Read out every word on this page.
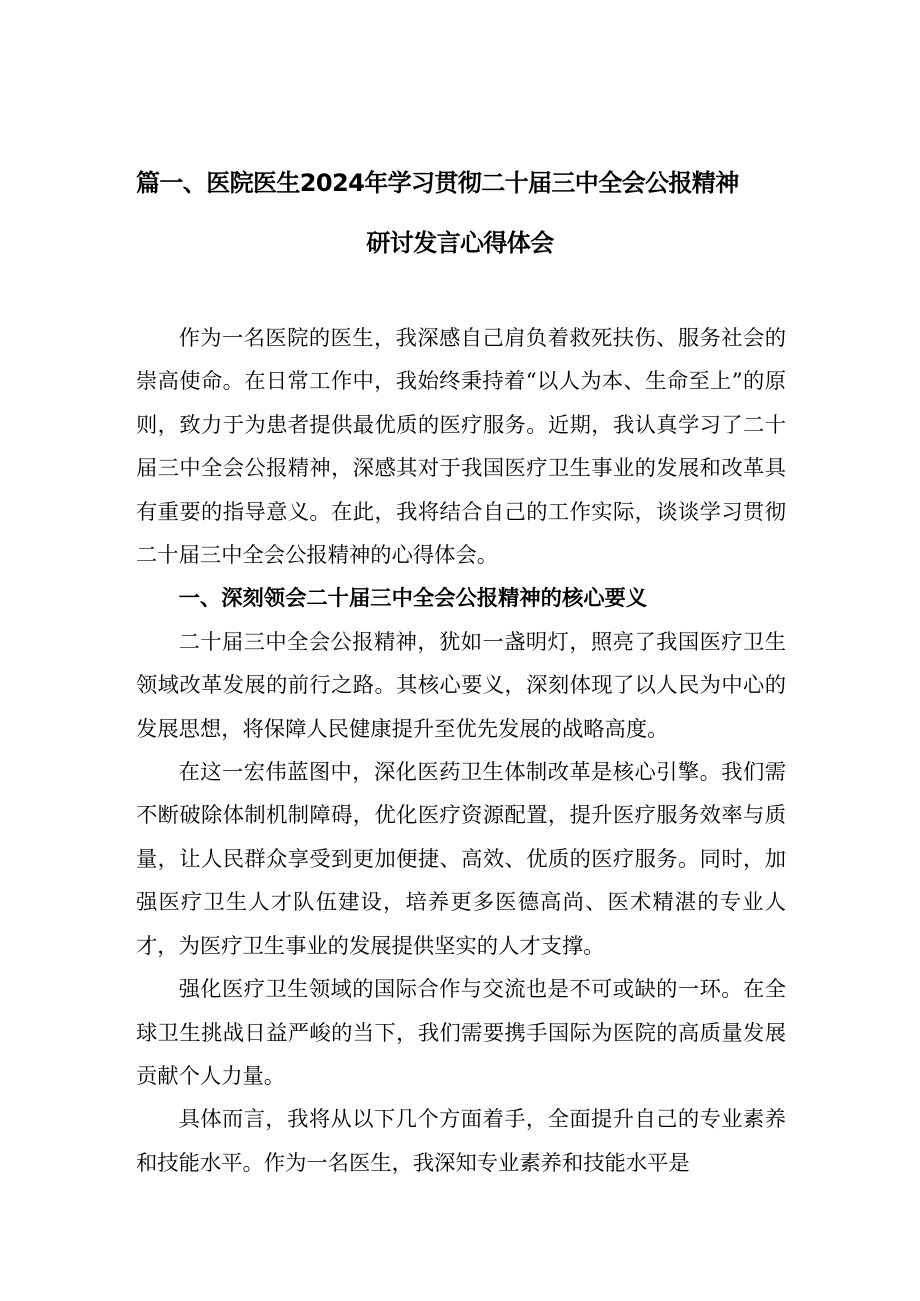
篇一、医院医生2024年学习贯彻二十届三中全会公报精神
研讨发言心得体会

作为一名医院的医生，我深感自己肩负着救死扶伤、服务社会的崇高使命。在日常工作中，我始终秉持着“以人为本、生命至上”的原则，致力于为患者提供最优质的医疗服务。近期，我认真学习了二十届三中全会公报精神，深感其对于我国医疗卫生事业的发展和改革具有重要的指导意义。在此，我将结合自己的工作实际，谈谈学习贯彻二十届三中全会公报精神的心得体会。

一、深刻领会二十届三中全会公报精神的核心要义

二十届三中全会公报精神，犹如一盏明灯，照亮了我国医疗卫生领域改革发展的前行之路。其核心要义，深刻体现了以人民为中心的发展思想，将保障人民健康提升至优先发展的战略高度。

在这一宏伟蓝图中，深化医药卫生体制改革是核心引擎。我们需不断破除体制机制障碍，优化医疗资源配置，提升医疗服务效率与质量，让人民群众享受到更加便捷、高效、优质的医疗服务。同时，加强医疗卫生人才队伍建设，培养更多医德高尚、医术精湛的专业人才，为医疗卫生事业的发展提供坚实的人才支撑。

强化医疗卫生领域的国际合作与交流也是不可或缺的一环。在全球卫生挑战日益严峻的当下，我们需要携手国际为医院的高质量发展贡献个人力量。

具体而言，我将从以下几个方面着手，全面提升自己的专业素养和技能水平。作为一名医生，我深知专业素养和技能水平是
